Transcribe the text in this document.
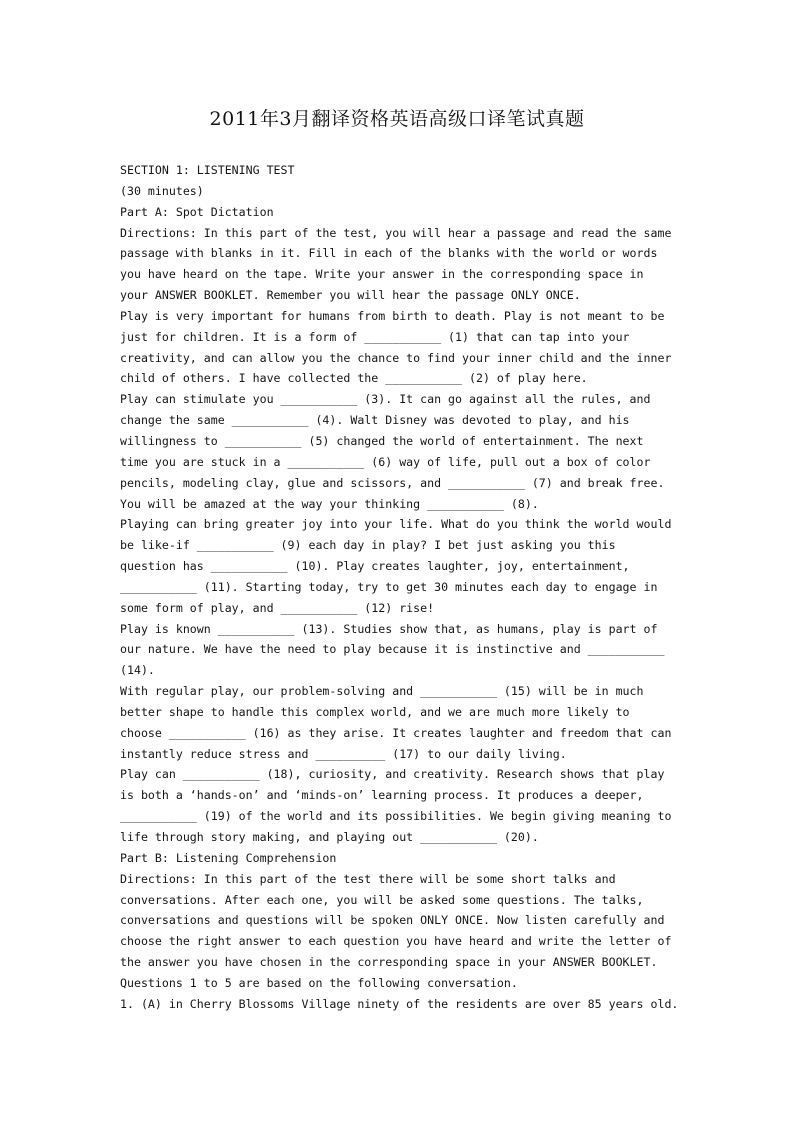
2011年3月翻译资格英语高级口译笔试真题
SECTION 1: LISTENING TEST
(30 minutes)
Part A: Spot Dictation
Directions: In this part of the test, you will hear a passage and read the same
passage with blanks in it. Fill in each of the blanks with the world or words
you have heard on the tape. Write your answer in the corresponding space in
your ANSWER BOOKLET. Remember you will hear the passage ONLY ONCE.
Play is very important for humans from birth to death. Play is not meant to be
just for children. It is a form of ___________ (1) that can tap into your
creativity, and can allow you the chance to find your inner child and the inner
child of others. I have collected the ___________ (2) of play here.
Play can stimulate you ___________ (3). It can go against all the rules, and
change the same ___________ (4). Walt Disney was devoted to play, and his
willingness to ___________ (5) changed the world of entertainment. The next
time you are stuck in a ___________ (6) way of life, pull out a box of color
pencils, modeling clay, glue and scissors, and ___________ (7) and break free.
You will be amazed at the way your thinking ___________ (8).
Playing can bring greater joy into your life. What do you think the world would
be like-if ___________ (9) each day in play? I bet just asking you this
question has ___________ (10). Play creates laughter, joy, entertainment,
___________ (11). Starting today, try to get 30 minutes each day to engage in
some form of play, and ___________ (12) rise!
Play is known ___________ (13). Studies show that, as humans, play is part of
our nature. We have the need to play because it is instinctive and ___________
(14).
With regular play, our problem-solving and ___________ (15) will be in much
better shape to handle this complex world, and we are much more likely to
choose ___________ (16) as they arise. It creates laughter and freedom that can
instantly reduce stress and __________ (17) to our daily living.
Play can ___________ (18), curiosity, and creativity. Research shows that play
is both a ‘hands-on’ and ‘minds-on’ learning process. It produces a deeper,
___________ (19) of the world and its possibilities. We begin giving meaning to
life through story making, and playing out ___________ (20).
Part B: Listening Comprehension
Directions: In this part of the test there will be some short talks and
conversations. After each one, you will be asked some questions. The talks,
conversations and questions will be spoken ONLY ONCE. Now listen carefully and
choose the right answer to each question you have heard and write the letter of
the answer you have chosen in the corresponding space in your ANSWER BOOKLET.
Questions 1 to 5 are based on the following conversation.
1. (A) in Cherry Blossoms Village ninety of the residents are over 85 years old.
